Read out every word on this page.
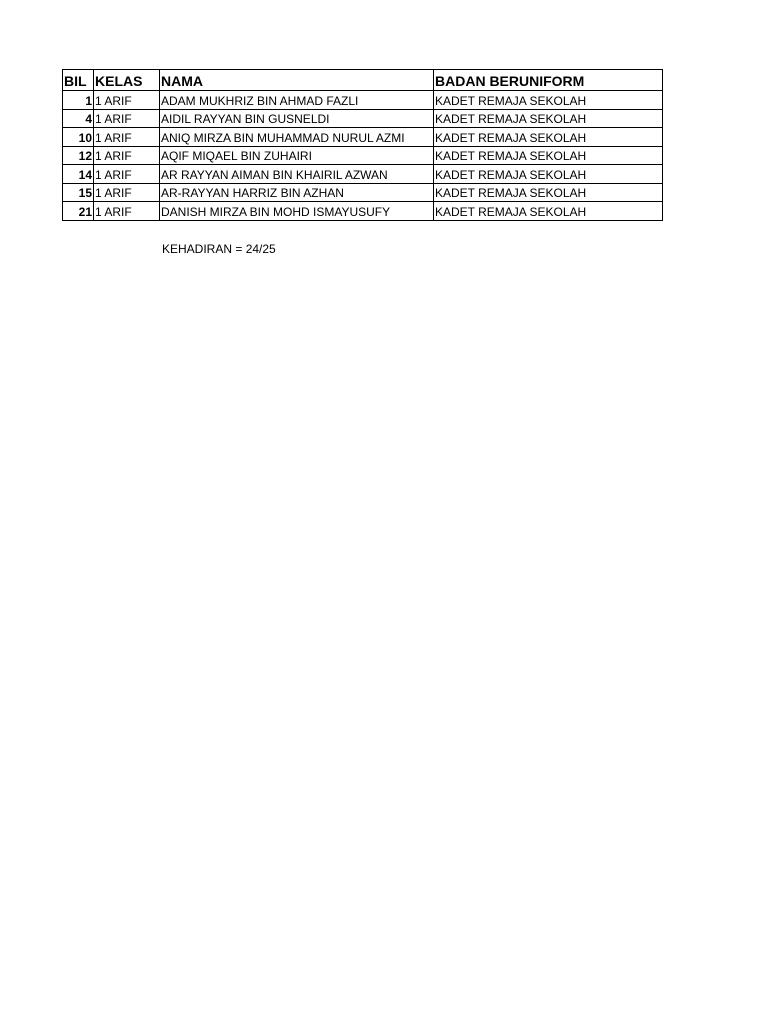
BIL	KELAS	NAMA	BADAN BERUNIFORM
1	1 ARIF	ADAM MUKHRIZ BIN AHMAD FAZLI	KADET REMAJA SEKOLAH
4	1 ARIF	AIDIL RAYYAN BIN GUSNELDI	KADET REMAJA SEKOLAH
10	1 ARIF	ANIQ MIRZA BIN MUHAMMAD NURUL AZMI	KADET REMAJA SEKOLAH
12	1 ARIF	AQIF MIQAEL BIN ZUHAIRI	KADET REMAJA SEKOLAH
14	1 ARIF	AR RAYYAN AIMAN BIN KHAIRIL AZWAN	KADET REMAJA SEKOLAH
15	1 ARIF	AR-RAYYAN HARRIZ BIN AZHAN	KADET REMAJA SEKOLAH
21	1 ARIF	DANISH MIRZA BIN MOHD ISMAYUSUFY	KADET REMAJA SEKOLAH
KEHADIRAN = 24/25
